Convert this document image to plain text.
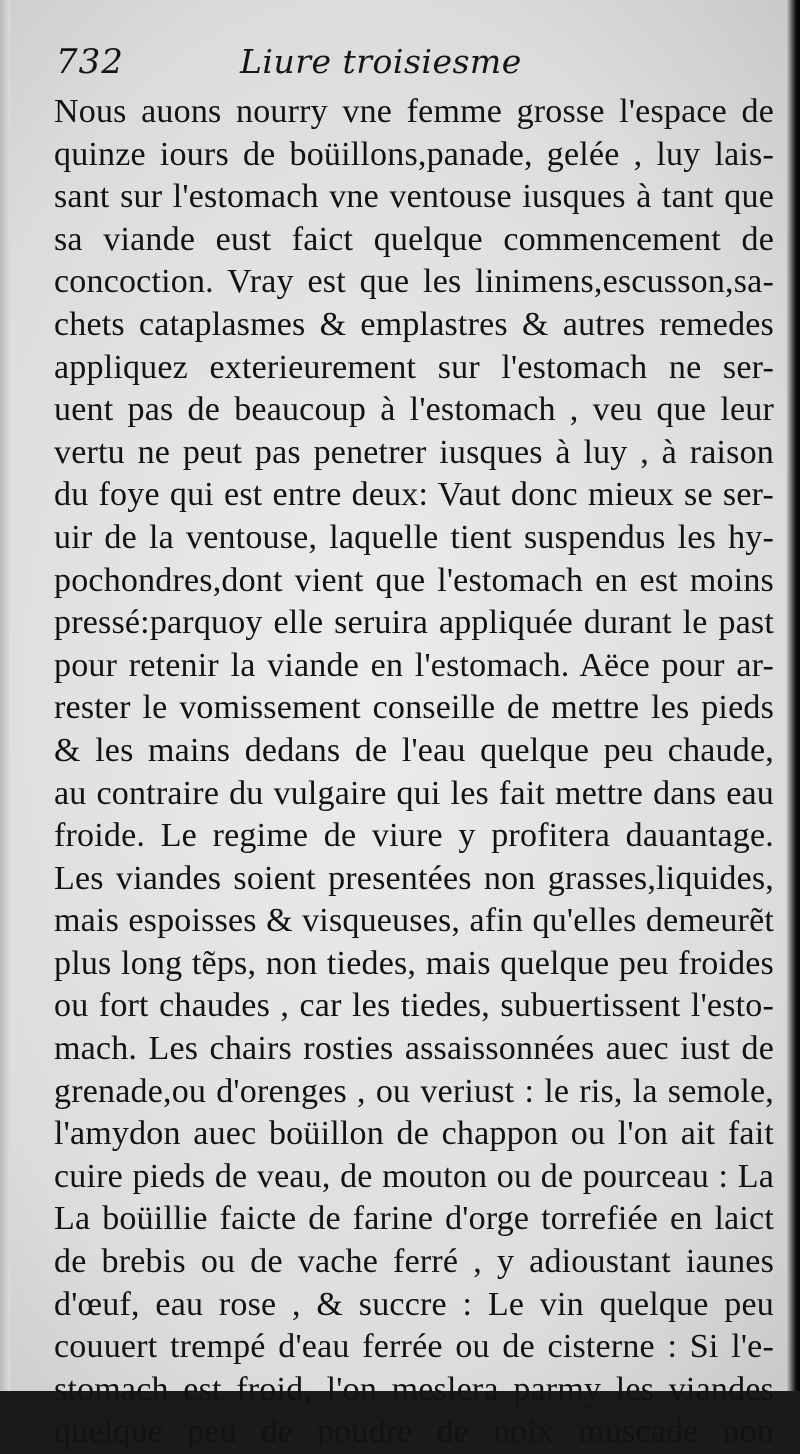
732	Liure troisiesme
Nous auons nourry vne femme grosse l'espace de
quinze iours de boüillons,panade, gelée , luy lais-
sant sur l'estomach vne ventouse iusques à tant que
sa viande eust faict quelque commencement de
concoction. Vray est que les linimens,escusson,sa-
chets cataplasmes & emplastres & autres remedes
appliquez exterieurement sur l'estomach ne ser-
uent pas de beaucoup à l'estomach , veu que leur
vertu ne peut pas penetrer iusques à luy , à raison
du foye qui est entre deux: Vaut donc mieux se ser-
uir de la ventouse, laquelle tient suspendus les hy-
pochondres,dont vient que l'estomach en est moins
pressé:parquoy elle seruira appliquée durant le past
pour retenir la viande en l'estomach. Aëce pour ar-
rester le vomissement conseille de mettre les pieds
& les mains dedans de l'eau quelque peu chaude,
au contraire du vulgaire qui les fait mettre dans eau
froide. Le regime de viure y profitera dauantage.
Les viandes soient presentées non grasses,liquides,
mais espoisses & visqueuses, afin qu'elles demeurẽt
plus long tẽps, non tiedes, mais quelque peu froides
ou fort chaudes , car les tiedes, subuertissent l'esto-
mach. Les chairs rosties assaissonnées auec iust de
grenade,ou d'orenges , ou veriust : le ris, la semole,
l'amydon auec boüillon de chappon ou l'on ait fait
cuire pieds de veau, de mouton ou de pourceau : La
La boüillie faicte de farine d'orge torrefiée en laict
de brebis ou de vache ferré , y adioustant iaunes
d'œuf, eau rose , & succre : Le vin quelque peu
couuert trempé d'eau ferrée ou de cisterne : Si l'e-
stomach est froid, l'on meslera parmy les viandes
quelque peu de poudre de noix muscade non
